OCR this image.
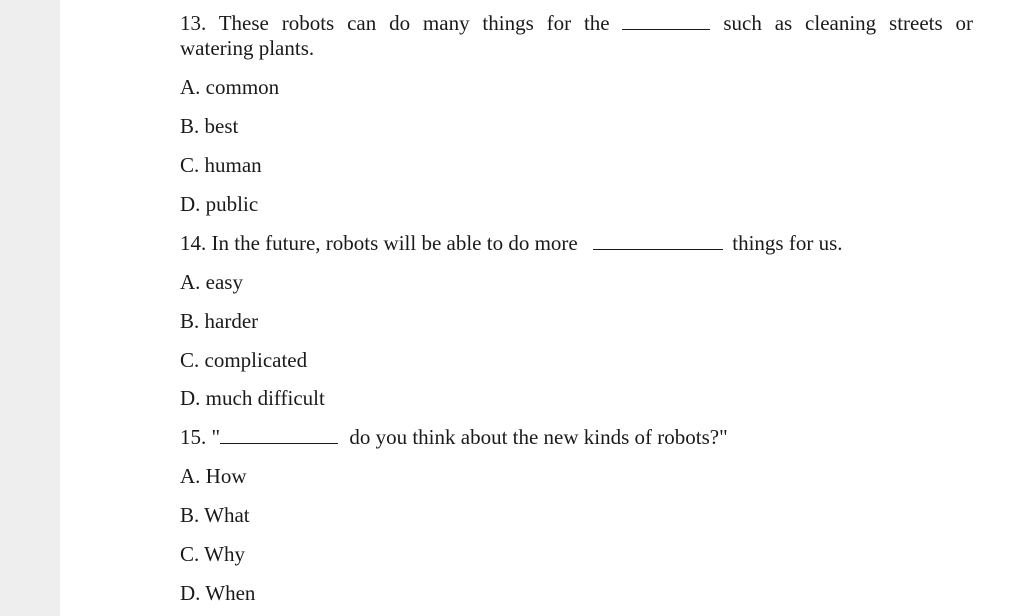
13. These robots can do many things for the	such as cleaning streets or
watering plants.
A. common
B. best
C. human
D. public
14. In the future, robots will be able to do more	things for us.
A. easy
B. harder
C. complicated
D. much difficult
15. "	do you think about the new kinds of robots?"
A. How
B. What
C. Why
D. When
